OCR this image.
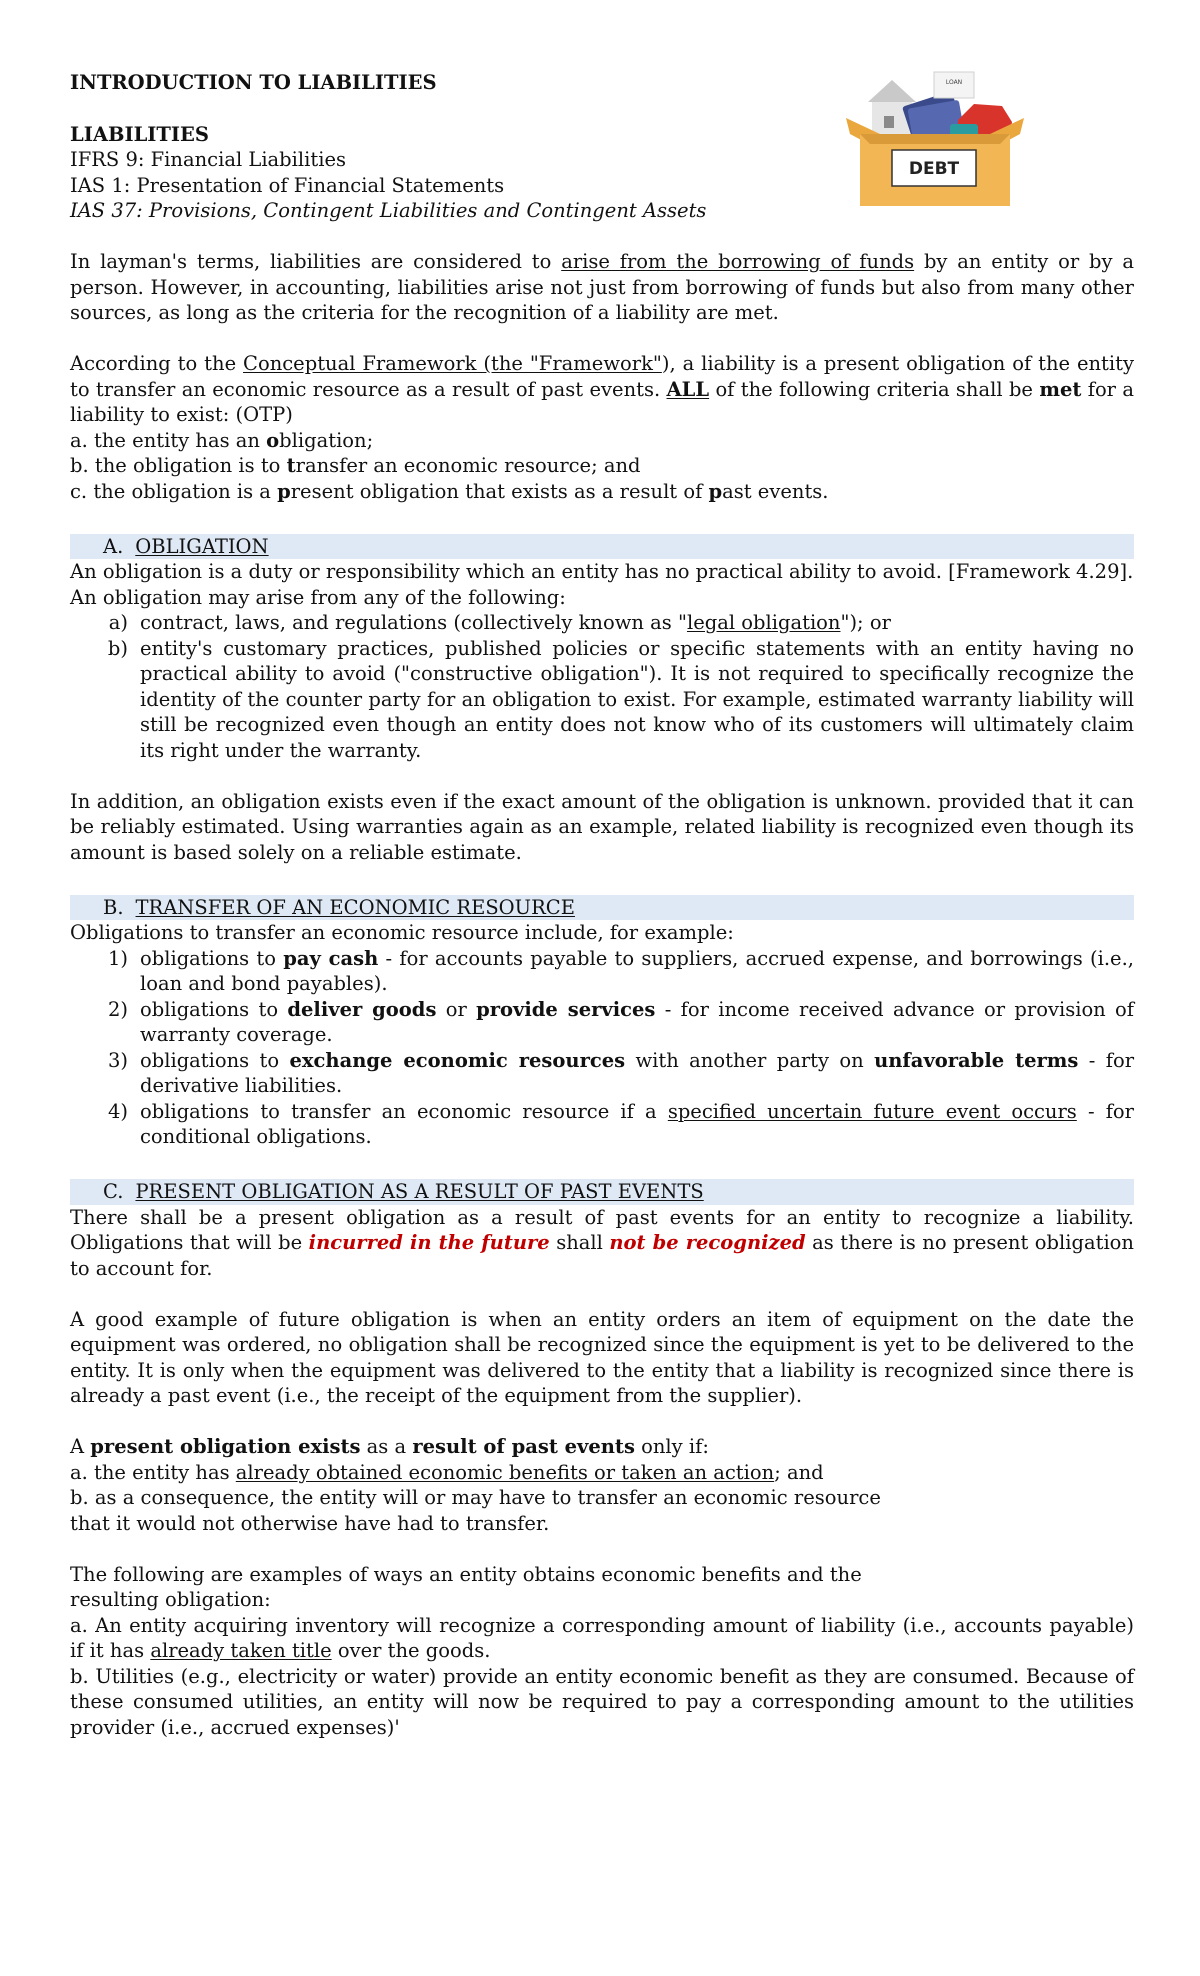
LOAN
DEBT

INTRODUCTION TO LIABILITIES

LIABILITIES

IFRS 9: Financial Liabilities

IAS 1: Presentation of Financial Statements

IAS 37: Provisions, Contingent Liabilities and Contingent Assets

In layman's terms, liabilities are considered to arise from the borrowing of funds by an entity or by a person. However, in accounting, liabilities arise not just from borrowing of funds but also from many other sources, as long as the criteria for the recognition of a liability are met.

According to the Conceptual Framework (the "Framework"), a liability is a present obligation of the entity to transfer an economic resource as a result of past events. ALL of the following criteria shall be met for a liability to exist: (OTP)

a. the entity has an obligation;

b. the obligation is to transfer an economic resource; and

c. the obligation is a present obligation that exists as a result of past events.

A. OBLIGATION

An obligation is a duty or responsibility which an entity has no practical ability to avoid. [Framework 4.29].

An obligation may arise from any of the following:

a) contract, laws, and regulations (collectively known as "legal obligation"); or
b) entity's customary practices, published policies or specific statements with an entity having no practical ability to avoid ("constructive obligation"). It is not required to specifically recognize the identity of the counter party for an obligation to exist. For example, estimated warranty liability will still be recognized even though an entity does not know who of its customers will ultimately claim its right under the warranty.

In addition, an obligation exists even if the exact amount of the obligation is unknown. provided that it can be reliably estimated. Using warranties again as an example, related liability is recognized even though its amount is based solely on a reliable estimate.

B. TRANSFER OF AN ECONOMIC RESOURCE

Obligations to transfer an economic resource include, for example:

1) obligations to pay cash - for accounts payable to suppliers, accrued expense, and borrowings (i.e., loan and bond payables).
2) obligations to deliver goods or provide services - for income received advance or provision of warranty coverage.
3) obligations to exchange economic resources with another party on unfavorable terms - for derivative liabilities.
4) obligations to transfer an economic resource if a specified uncertain future event occurs - for conditional obligations.
C. PRESENT OBLIGATION AS A RESULT OF PAST EVENTS

There shall be a present obligation as a result of past events for an entity to recognize a liability. Obligations that will be incurred in the future shall not be recognized as there is no present obligation to account for.

A good example of future obligation is when an entity orders an item of equipment on the date the equipment was ordered, no obligation shall be recognized since the equipment is yet to be delivered to the entity. It is only when the equipment was delivered to the entity that a liability is recognized since there is already a past event (i.e., the receipt of the equipment from the supplier).

A present obligation exists as a result of past events only if:

a. the entity has already obtained economic benefits or taken an action; and

b. as a consequence, the entity will or may have to transfer an economic resource

that it would not otherwise have had to transfer.

The following are examples of ways an entity obtains economic benefits and the

resulting obligation:

a. An entity acquiring inventory will recognize a corresponding amount of liability (i.e., accounts payable) if it has already taken title over the goods.

b. Utilities (e.g., electricity or water) provide an entity economic benefit as they are consumed. Because of these consumed utilities, an entity will now be required to pay a corresponding amount to the utilities provider (i.e., accrued expenses)'
